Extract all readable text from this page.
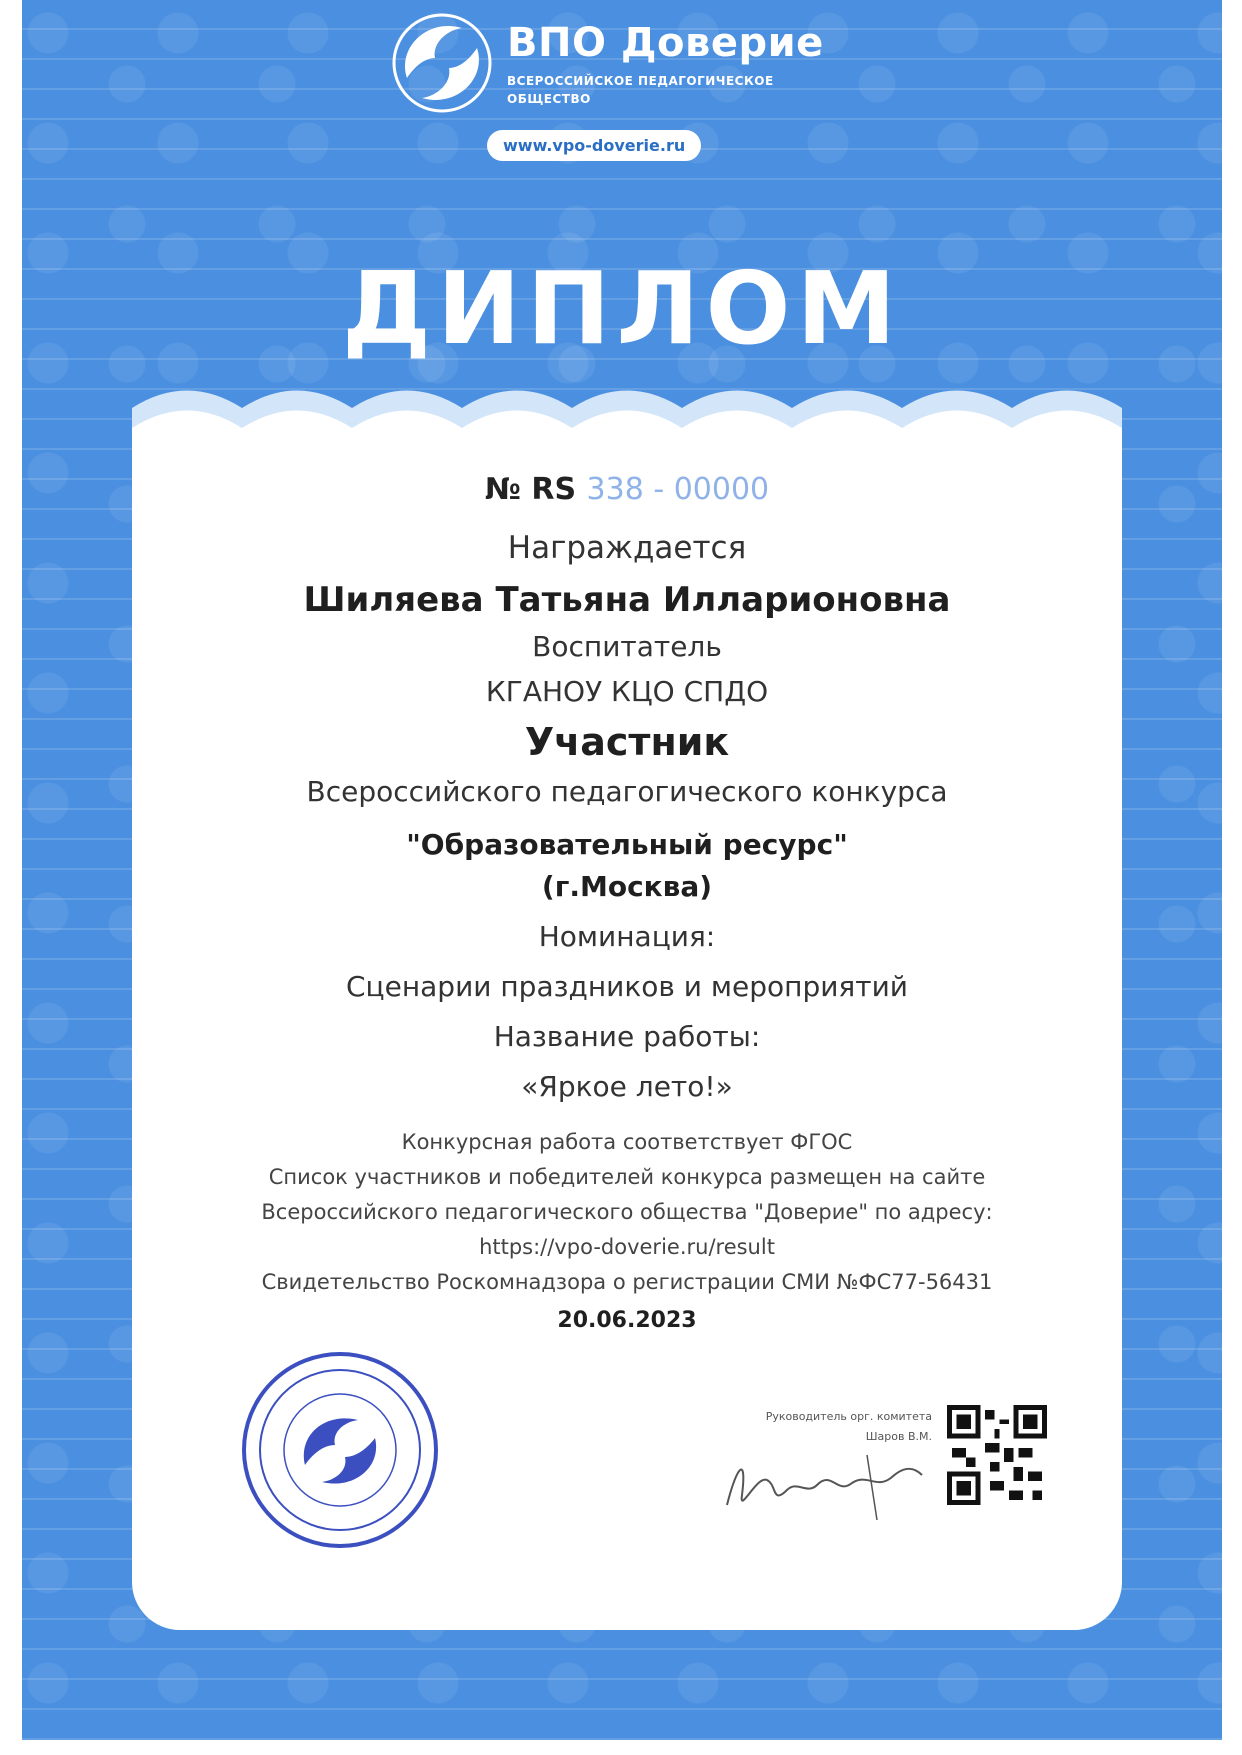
ВПО Доверие
ВСЕРОССИЙСКОЕ ПЕДАГОГИЧЕСКОЕ
ОБЩЕСТВО
www.vpo-doverie.ru
ДИПЛОМ
№ RS 338 - 00000
Награждается
Шиляева Татьяна Илларионовна
Воспитатель
КГАНОУ КЦО СПДО
Участник
Всероссийского педагогического конкурса
"Образовательный ресурс"
(г.Москва)
Номинация:
Сценарии праздников и мероприятий
Название работы:
«Яркое лето!»
Конкурсная работа соответствует ФГОС
Список участников и победителей конкурса размещен на сайте
Всероссийского педагогического общества "Доверие" по адресу:
https://vpo-doverie.ru/result
Свидетельство Роскомнадзора о регистрации СМИ №ФС77-56431
20.06.2023
Руководитель орг. комитета
Шаров В.М.
